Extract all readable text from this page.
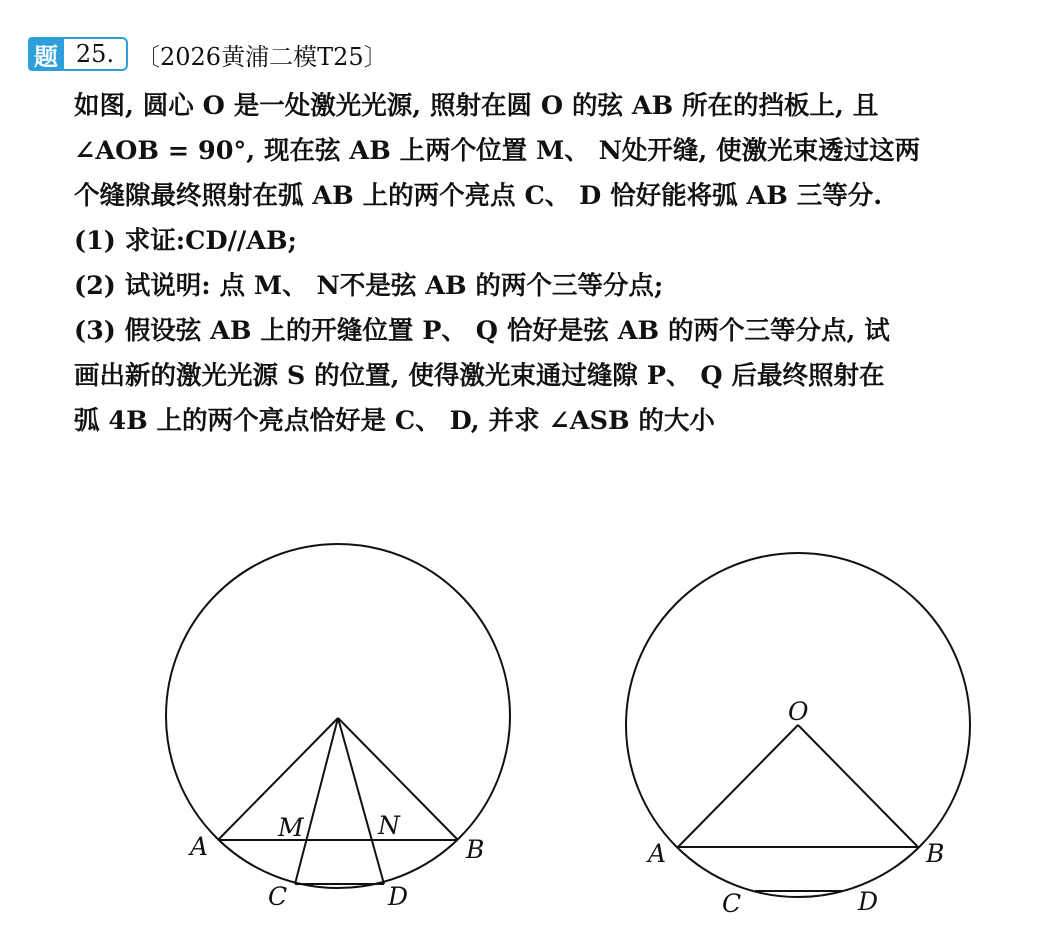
题 25. 〔2026黄浦二模T25〕
如图, 圆心 O 是一处激光光源, 照射在圆 O 的弦 AB 所在的挡板上, 且
∠AOB = 90°, 现在弦 AB 上两个位置 M、 N处开缝, 使激光束透过这两
个缝隙最终照射在弧 AB 上的两个亮点 C、 D 恰好能将弧 AB 三等分.
(1) 求证:CD//AB;
(2) 试说明: 点 M、 N不是弦 AB 的两个三等分点;
(3) 假设弦 AB 上的开缝位置 P、 Q 恰好是弦 AB 的两个三等分点, 试
画出新的激光光源 S 的位置, 使得激光束通过缝隙 P、 Q 后最终照射在
弧 4B 上的两个亮点恰好是 C、 D, 并求 ∠ASB 的大小
A	B
M	N
C	D
O
A	B
C	D
